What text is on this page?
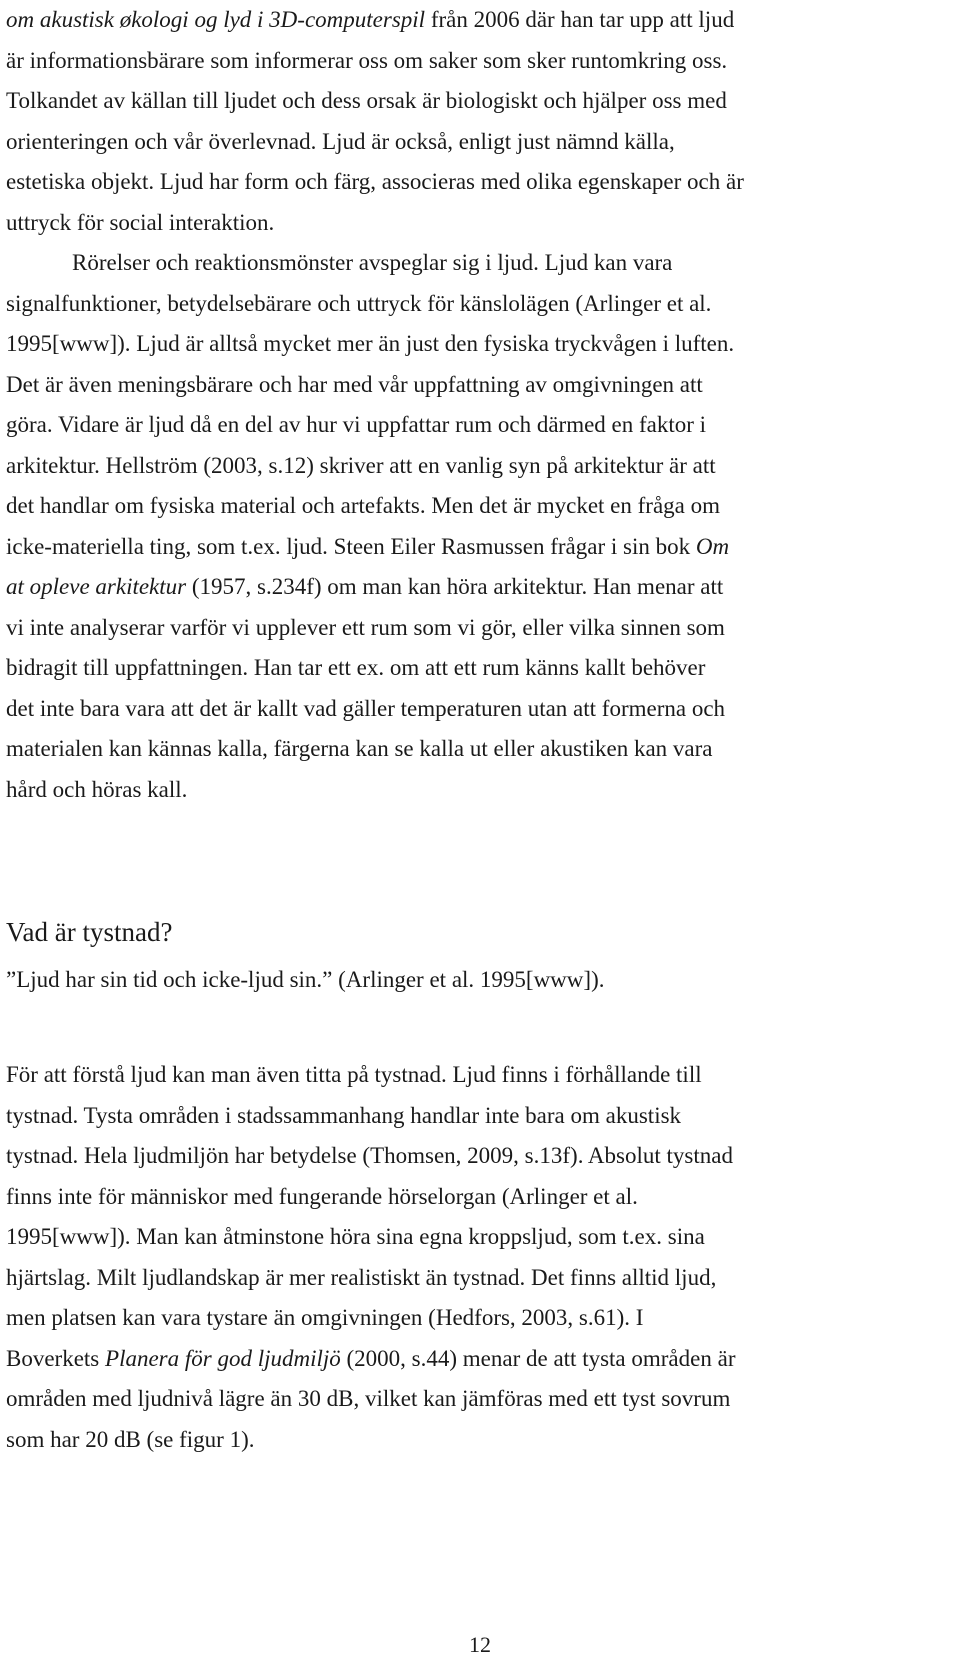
om akustisk økologi og lyd i 3D-computerspil från 2006 där han tar upp att ljud
är informationsbärare som informerar oss om saker som sker runtomkring oss.
Tolkandet av källan till ljudet och dess orsak är biologiskt och hjälper oss med
orienteringen och vår överlevnad. Ljud är också, enligt just nämnd källa,
estetiska objekt. Ljud har form och färg, associeras med olika egenskaper och är
uttryck för social interaktion.
Rörelser och reaktionsmönster avspeglar sig i ljud. Ljud kan vara
signalfunktioner, betydelsebärare och uttryck för känslolägen (Arlinger et al.
1995[www]). Ljud är alltså mycket mer än just den fysiska tryckvågen i luften.
Det är även meningsbärare och har med vår uppfattning av omgivningen att
göra. Vidare är ljud då en del av hur vi uppfattar rum och därmed en faktor i
arkitektur. Hellström (2003, s.12) skriver att en vanlig syn på arkitektur är att
det handlar om fysiska material och artefakts. Men det är mycket en fråga om
icke-materiella ting, som t.ex. ljud. Steen Eiler Rasmussen frågar i sin bok Om
at opleve arkitektur (1957, s.234f) om man kan höra arkitektur. Han menar att
vi inte analyserar varför vi upplever ett rum som vi gör, eller vilka sinnen som
bidragit till uppfattningen. Han tar ett ex. om att ett rum känns kallt behöver
det inte bara vara att det är kallt vad gäller temperaturen utan att formerna och
materialen kan kännas kalla, färgerna kan se kalla ut eller akustiken kan vara
hård och höras kall.
Vad är tystnad?
”Ljud har sin tid och icke-ljud sin.” (Arlinger et al. 1995[www]).
För att förstå ljud kan man även titta på tystnad. Ljud finns i förhållande till
tystnad. Tysta områden i stadssammanhang handlar inte bara om akustisk
tystnad. Hela ljudmiljön har betydelse (Thomsen, 2009, s.13f). Absolut tystnad
finns inte för människor med fungerande hörselorgan (Arlinger et al.
1995[www]). Man kan åtminstone höra sina egna kroppsljud, som t.ex. sina
hjärtslag. Milt ljudlandskap är mer realistiskt än tystnad. Det finns alltid ljud,
men platsen kan vara tystare än omgivningen (Hedfors, 2003, s.61). I
Boverkets Planera för god ljudmiljö (2000, s.44) menar de att tysta områden är
områden med ljudnivå lägre än 30 dB, vilket kan jämföras med ett tyst sovrum
som har 20 dB (se figur 1).
12
